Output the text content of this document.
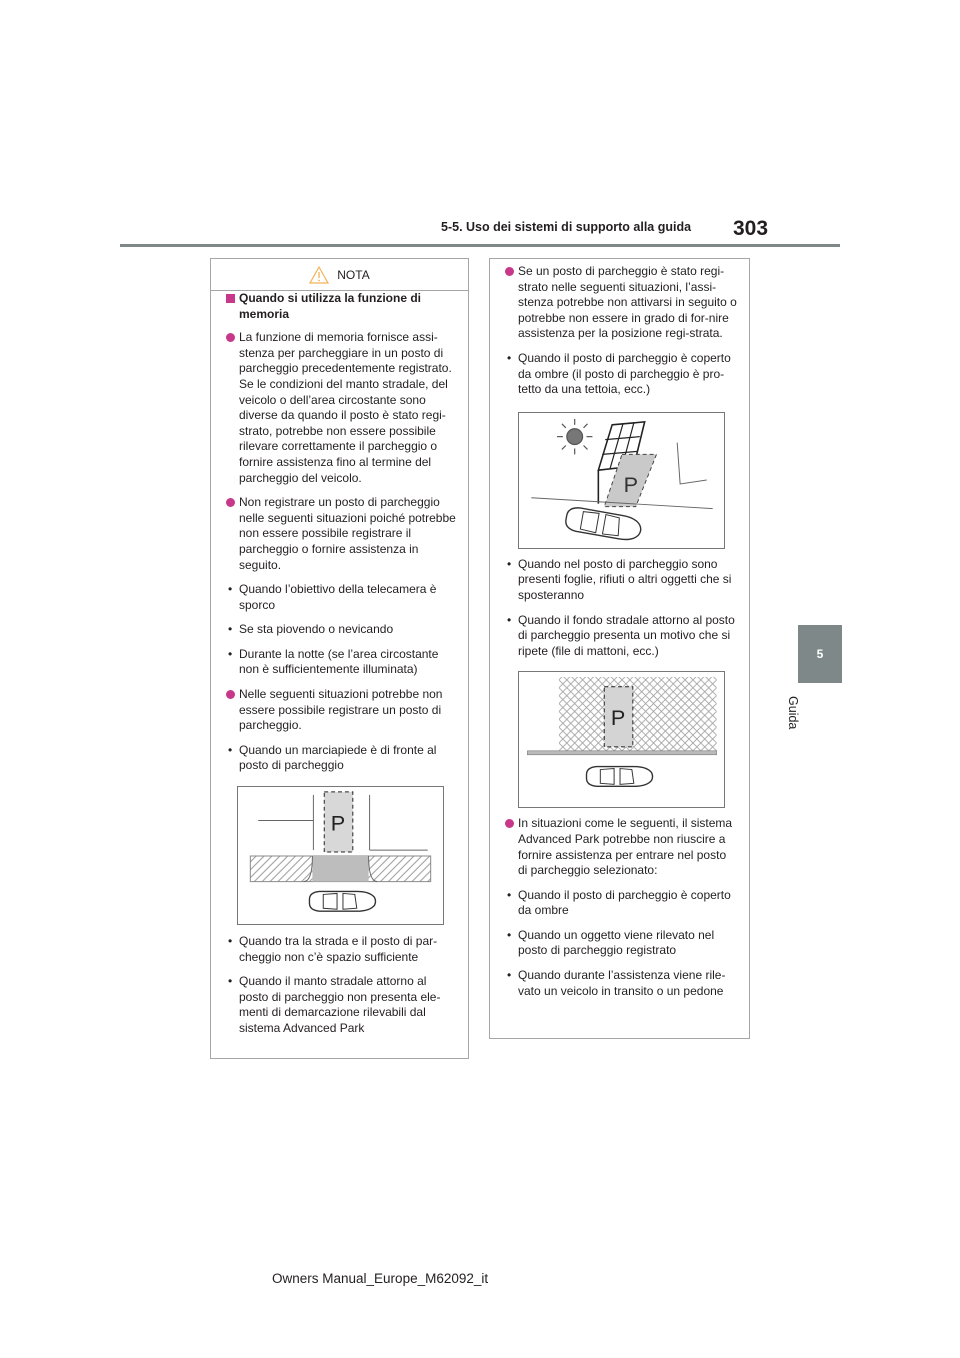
5-5. Uso dei sistemi di supporto alla guida 303
5
Guida
NOTA

Quando si utilizza la funzione di memoria

La funzione di memoria fornisce assi-stenza per parcheggiare in un posto di parcheggio precedentemente registrato. Se le condizioni del manto stradale, del veicolo o dell’area circostante sono diverse da quando il posto è stato regi-strato, potrebbe non essere possibile rilevare correttamente il parcheggio o fornire assistenza fino al termine del parcheggio del veicolo.

Non registrare un posto di parcheggio nelle seguenti situazioni poiché potrebbe non essere possibile registrare il parcheggio o fornire assistenza in seguito.

• Quando l’obiettivo della telecamera è sporco

• Se sta piovendo o nevicando

• Durante la notte (se l’area circostante non è sufficientemente illuminata)

Nelle seguenti situazioni potrebbe non essere possibile registrare un posto di parcheggio.

• Quando un marciapiede è di fronte al posto di parcheggio

P

• Quando tra la strada e il posto di par-cheggio non c’è spazio sufficiente

• Quando il manto stradale attorno al posto di parcheggio non presenta ele-menti di demarcazione rilevabili dal sistema Advanced Park

Se un posto di parcheggio è stato regi-strato nelle seguenti situazioni, l’assi-stenza potrebbe non attivarsi in seguito o potrebbe non essere in grado di for-nire assistenza per la posizione regi-strata.

• Quando il posto di parcheggio è coperto da ombre (il posto di parcheggio è pro-tetto da una tettoia, ecc.)

P

• Quando nel posto di parcheggio sono presenti foglie, rifiuti o altri oggetti che si sposteranno

• Quando il fondo stradale attorno al posto di parcheggio presenta un motivo che si ripete (file di mattoni, ecc.)

P

In situazioni come le seguenti, il sistema Advanced Park potrebbe non riuscire a fornire assistenza per entrare nel posto di parcheggio selezionato:

• Quando il posto di parcheggio è coperto da ombre

• Quando un oggetto viene rilevato nel posto di parcheggio registrato

• Quando durante l’assistenza viene rile-vato un veicolo in transito o un pedone

Owners Manual_Europe_M62092_it
